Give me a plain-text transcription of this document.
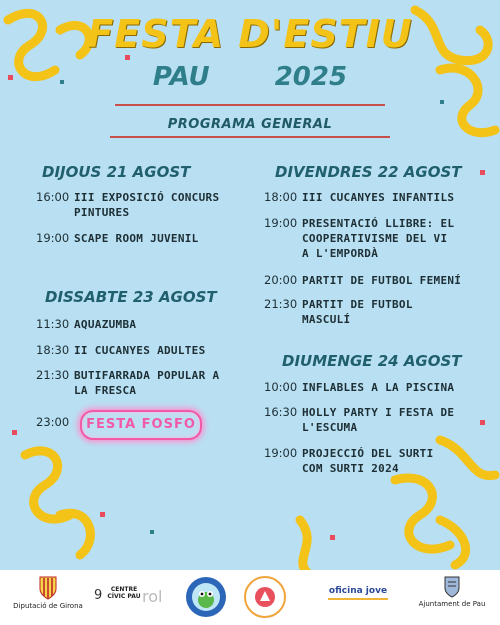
FESTA D'ESTIU
PAU	2025
PROGRAMA GENERAL
DIJOUS 21 AGOST
16:00 III EXPOSICIÓ CONCURS PINTURES
19:00 SCAPE ROOM JUVENIL
DISSABTE 23 AGOST
11:30 AQUAZUMBA
18:30 II CUCANYES ADULTES
21:30 BUTIFARRADA POPULAR A LA FRESCA
23:00	FESTA FOSFO
DIVENDRES 22 AGOST
18:00 III CUCANYES INFANTILS
19:00 PRESENTACIÓ LLIBRE: EL COOPERATIVISME DEL VI A L'EMPORDÀ
20:00 PARTIT DE FUTBOL FEMENÍ
21:30 PARTIT DE FUTBOL MASCULÍ
DIUMENGE 24 AGOST
10:00 INFLABLES A LA PISCINA
16:30 HOLLY PARTY I FESTA DE L'ESCUMA
19:00 PROJECCIÓ DEL SURTI COM SURTI 2024
Diputació de Girona
9 rol
CENTRE CÍVIC PAU
oficina jove
Ajuntament de Pau
